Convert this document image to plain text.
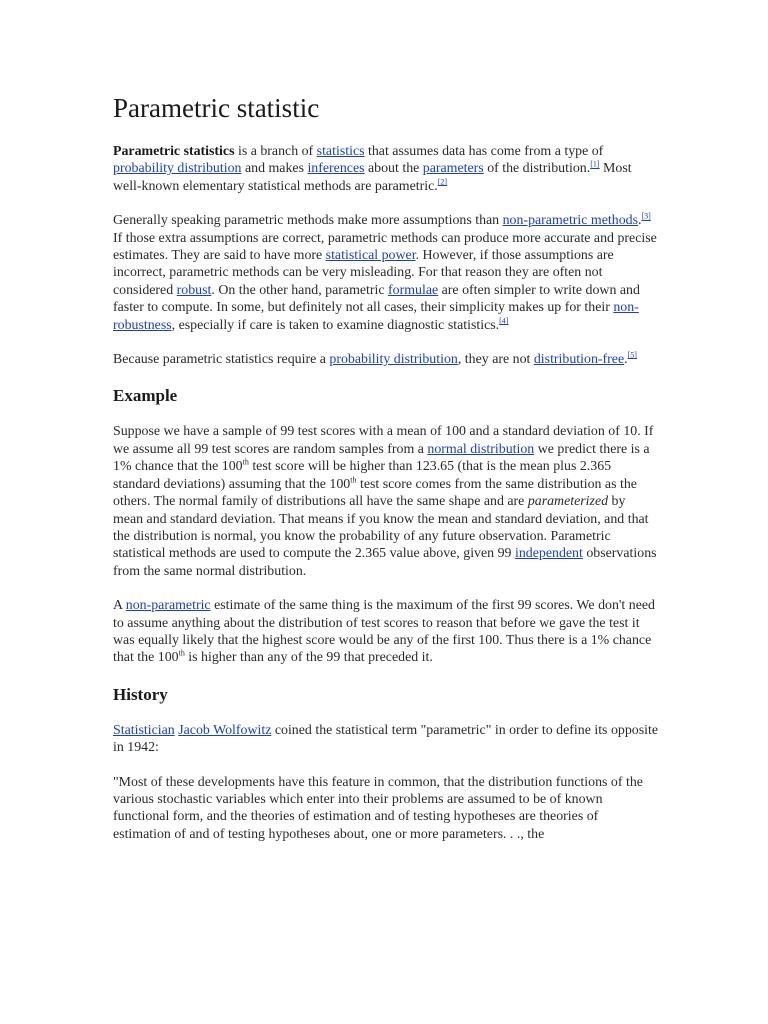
Parametric statistic

Parametric statistics is a branch of statistics that assumes data has come from a type of probability distribution and makes inferences about the parameters of the distribution.[1] Most well-known elementary statistical methods are parametric.[2]

Generally speaking parametric methods make more assumptions than non-parametric methods.[3] If those extra assumptions are correct, parametric methods can produce more accurate and precise estimates. They are said to have more statistical power. However, if those assumptions are incorrect, parametric methods can be very misleading. For that reason they are often not considered robust. On the other hand, parametric formulae are often simpler to write down and faster to compute. In some, but definitely not all cases, their simplicity makes up for their non-robustness, especially if care is taken to examine diagnostic statistics.[4]

Because parametric statistics require a probability distribution, they are not distribution-free.[5]

Example

Suppose we have a sample of 99 test scores with a mean of 100 and a standard deviation of 10. If we assume all 99 test scores are random samples from a normal distribution we predict there is a 1% chance that the 100th test score will be higher than 123.65 (that is the mean plus 2.365 standard deviations) assuming that the 100th test score comes from the same distribution as the others. The normal family of distributions all have the same shape and are parameterized by mean and standard deviation. That means if you know the mean and standard deviation, and that the distribution is normal, you know the probability of any future observation. Parametric statistical methods are used to compute the 2.365 value above, given 99 independent observations from the same normal distribution.

A non-parametric estimate of the same thing is the maximum of the first 99 scores. We don't need to assume anything about the distribution of test scores to reason that before we gave the test it was equally likely that the highest score would be any of the first 100. Thus there is a 1% chance that the 100th is higher than any of the 99 that preceded it.

History

Statistician Jacob Wolfowitz coined the statistical term "parametric" in order to define its opposite in 1942:

"Most of these developments have this feature in common, that the distribution functions of the various stochastic variables which enter into their problems are assumed to be of known functional form, and the theories of estimation and of testing hypotheses are theories of estimation of and of testing hypotheses about, one or more parameters. . ., the
